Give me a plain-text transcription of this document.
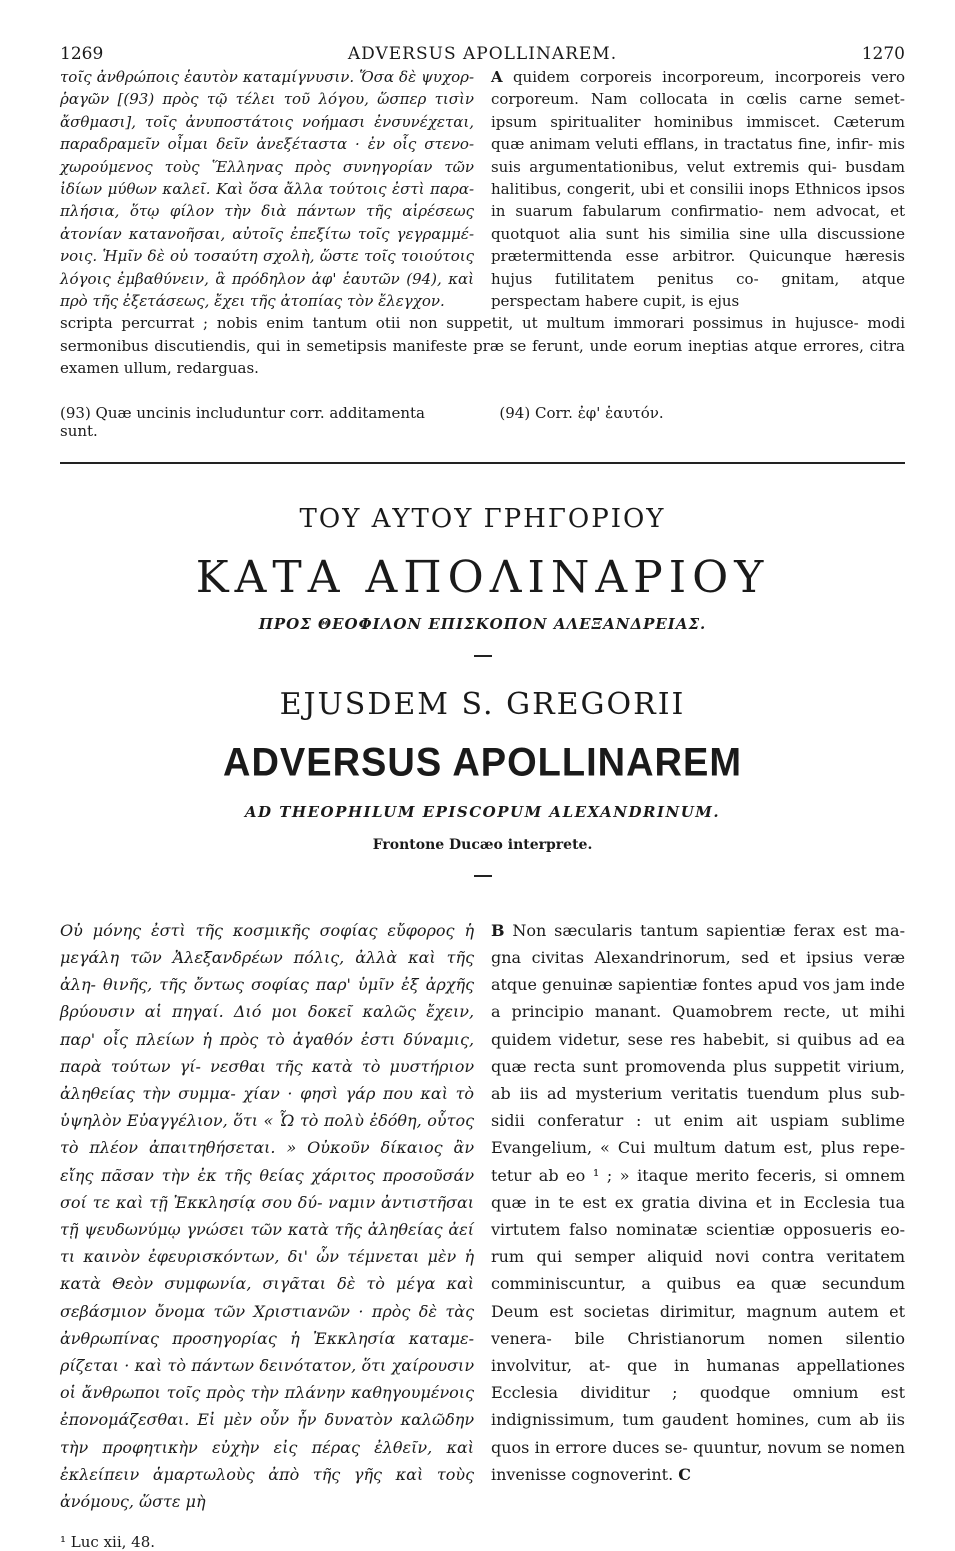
1269	ADVERSUS APOLLINAREM.	1270

τοῖς ἀνθρώποις ἑαυτὸν καταμίγνυσιν. Ὅσα δὲ ψυχορ- ῥαγῶν [(93) πρὸς τῷ τέλει τοῦ λόγου, ὥσπερ τισὶν ἄσθμασι], τοῖς ἀνυποστάτοις νοήμασι ἐνσυνέχεται, παραδραμεῖν οἶμαι δεῖν ἀνεξέταστα · ἐν οἷς στενο- χωρούμενος τοὺς Ἕλληνας πρὸς συνηγορίαν τῶν ἰδίων μύθων καλεῖ. Καὶ ὅσα ἄλλα τούτοις ἐστὶ παρα- πλήσια, ὅτῳ φίλον τὴν διὰ πάντων τῆς αἱρέσεως ἀτονίαν κατανοῆσαι, αὐτοῖς ἐπεξίτω τοῖς γεγραμμέ- νοις. Ἡμῖν δὲ οὐ τοσαύτη σχολὴ, ὥστε τοῖς τοιούτοις λόγοις ἐμβαθύνειν, ἃ πρόδηλον ἀφ' ἑαυτῶν (94), καὶ πρὸ τῆς ἐξετάσεως, ἔχει τῆς ἀτοπίας τὸν ἔλεγχον.

A quidem corporeis incorporeum, incorporeis vero corporeum. Nam collocata in cœlis carne semet- ipsum spiritualiter hominibus immiscet. Cæterum quæ animam veluti efflans, in tractatus fine, infir- mis suis argumentationibus, velut extremis qui- busdam halitibus, congerit, ubi et consilii inops Ethnicos ipsos in suarum fabularum confirmatio- nem advocat, et quotquot alia sunt his similia sine ulla discussione prætermittenda esse arbitror. Quicunque hæresis hujus futilitatem penitus co- gnitam, atque perspectam habere cupit, is ejus

scripta percurrat ; nobis enim tantum otii non suppetit, ut multum immorari possimus in hujusce- modi sermonibus discutiendis, qui in semetipsis manifeste præ se ferunt, unde eorum ineptias atque errores, citra examen ullum, redarguas.

(93) Quæ uncinis includuntur corr. additamenta sunt.
(94) Corr. ἐφ' ἑαυτόν.

ΤΟΥ ΑΥΤΟΥ ΓΡΗΓΟΡΙΟΥ

ΚΑΤΑ ΑΠΟΛΙΝΑΡΙΟΥ

ΠΡΟΣ ΘΕΟΦΙΛΟΝ ΕΠΙΣΚΟΠΟΝ ΑΛΕΞΑΝΔΡΕΙΑΣ.

EJUSDEM S. GREGORII

ADVERSUS APOLLINAREM

AD THEOPHILUM EPISCOPUM ALEXANDRINUM.

Frontone Ducæo interprete.

Οὐ μόνης ἐστὶ τῆς κοσμικῆς σοφίας εὔφορος ἡ μεγάλη τῶν Ἀλεξανδρέων πόλις, ἀλλὰ καὶ τῆς ἀλη- θινῆς, τῆς ὄντως σοφίας παρ' ὑμῖν ἐξ ἀρχῆς βρύουσιν αἱ πηγαί. Διό μοι δοκεῖ καλῶς ἔχειν, παρ' οἷς πλείων ἡ πρὸς τὸ ἀγαθόν ἐστι δύναμις, παρὰ τούτων γί- νεσθαι τῆς κατὰ τὸ μυστήριον ἀληθείας τὴν συμμα- χίαν · φησὶ γάρ που καὶ τὸ ὑψηλὸν Εὐαγγέλιον, ὅτι « Ὧ τὸ πολὺ ἐδόθη, οὗτος τὸ πλέον ἀπαιτηθήσεται. » Οὐκοῦν δίκαιος ἂν εἴης πᾶσαν τὴν ἐκ τῆς θείας χάριτος προσοῦσάν σοί τε καὶ τῇ Ἐκκλησίᾳ σου δύ- ναμιν ἀντιστῆσαι τῇ ψευδωνύμῳ γνώσει τῶν κατὰ τῆς ἀληθείας ἀεί τι καινὸν ἐφευρισκόντων, δι' ὧν τέμνεται μὲν ἡ κατὰ Θεὸν συμφωνία, σιγᾶται δὲ τὸ μέγα καὶ σεβάσμιον ὄνομα τῶν Χριστιανῶν · πρὸς δὲ τὰς ἀνθρωπίνας προσηγορίας ἡ Ἐκκλησία καταμε- ρίζεται · καὶ τὸ πάντων δεινότατον, ὅτι χαίρουσιν οἱ ἄνθρωποι τοῖς πρὸς τὴν πλάνην καθηγουμένοις ἐπονομάζεσθαι. Εἰ μὲν οὖν ἦν δυνατὸν καλῶδην τὴν προφητικὴν εὐχὴν εἰς πέρας ἐλθεῖν, καὶ ἐκλείπειν ἁμαρτωλοὺς ἀπὸ τῆς γῆς καὶ τοὺς ἀνόμους, ὥστε μὴ

B Non sæcularis tantum sapientiæ ferax est ma- gna civitas Alexandrinorum, sed et ipsius veræ atque genuinæ sapientiæ fontes apud vos jam inde a principio manant. Quamobrem recte, ut mihi quidem videtur, sese res habebit, si quibus ad ea quæ recta sunt promovenda plus suppetit virium, ab iis ad mysterium veritatis tuendum plus sub- sidii conferatur : ut enim ait uspiam sublime Evangelium, « Cui multum datum est, plus repe- tetur ab eo ¹ ; » itaque merito feceris, si omnem quæ in te est ex gratia divina et in Ecclesia tua virtutem falso nominatæ scientiæ opposueris eo- rum qui semper aliquid novi contra veritatem comminiscuntur, a quibus ea quæ secundum Deum est societas dirimitur, magnum autem et venera- bile Christianorum nomen silentio involvitur, at- que in humanas appellationes Ecclesia dividitur ; quodque omnium est indignissimum, tum gaudent homines, cum ab iis quos in errore duces se- quuntur, novum se nomen invenisse cognoverint. C

¹ Luc xii, 48.
